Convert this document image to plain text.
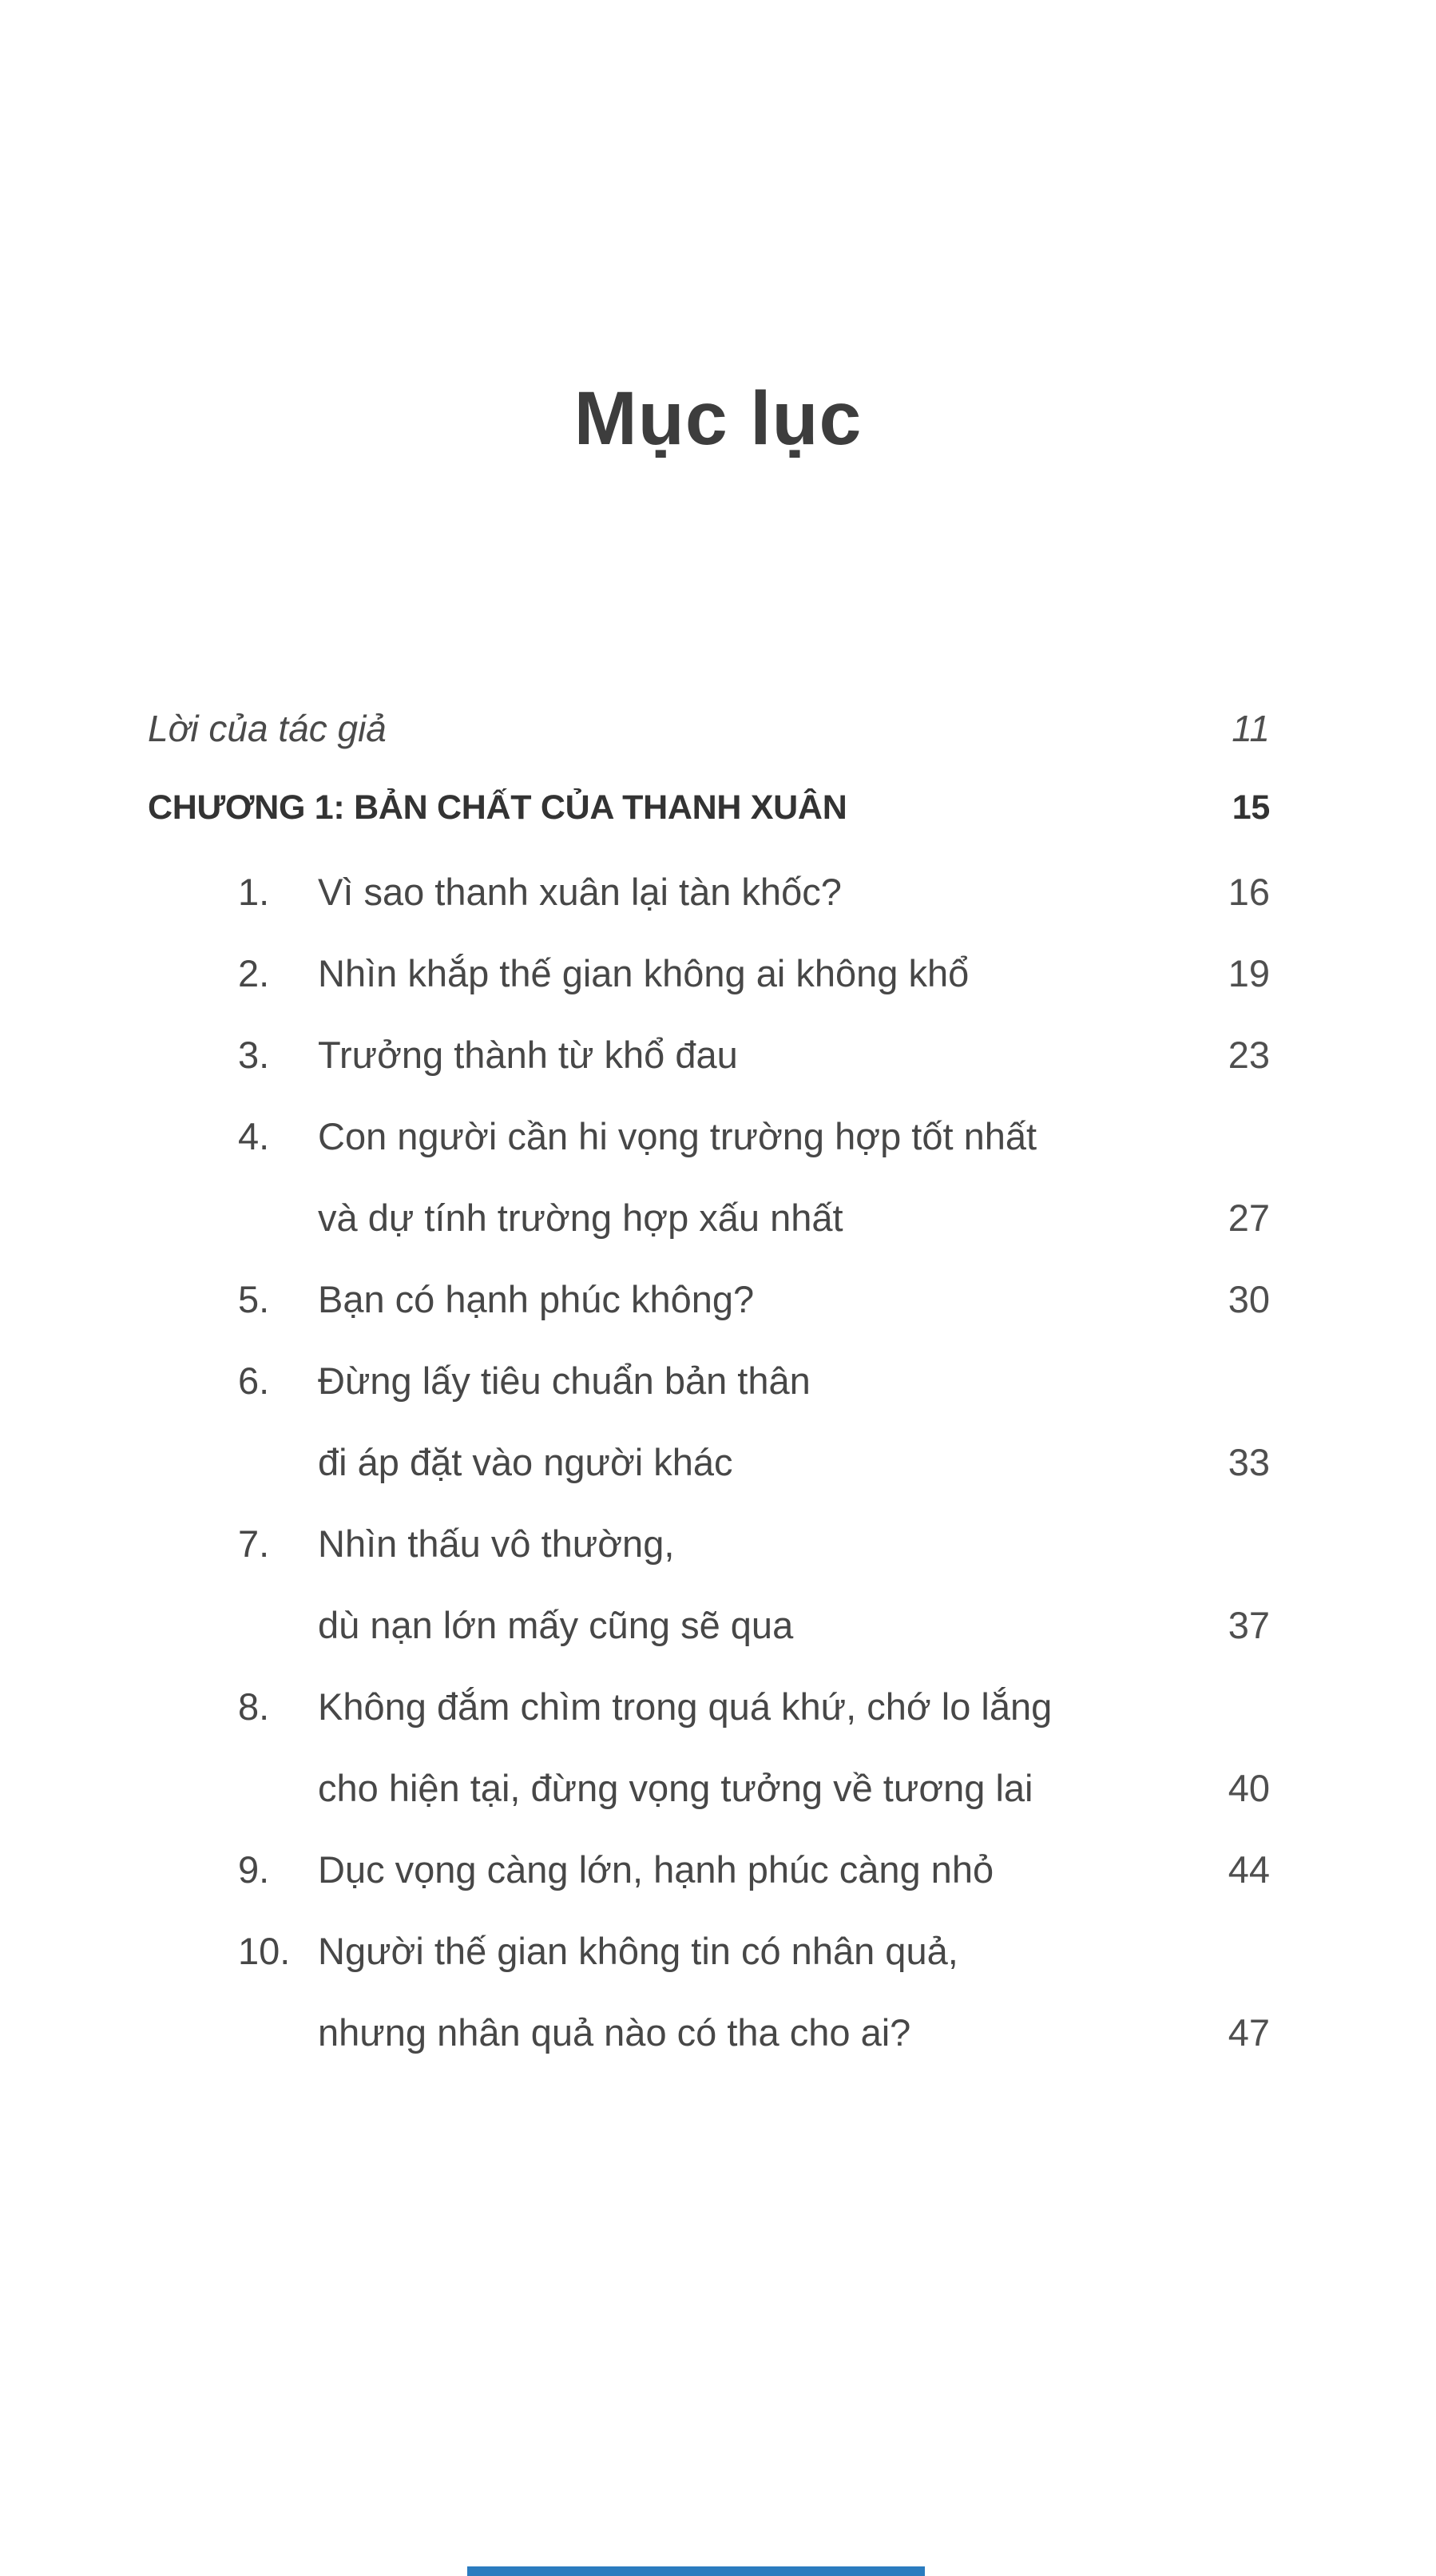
Mục lục
Lời của tác giả	11
CHƯƠNG 1: BẢN CHẤT CỦA THANH XUÂN	15
1.	Vì sao thanh xuân lại tàn khốc?	16
2.	Nhìn khắp thế gian không ai không khổ	19
3.	Trưởng thành từ khổ đau	23
4.	Con người cần hi vọng trường hợp tốt nhất
và dự tính trường hợp xấu nhất	27
5.	Bạn có hạnh phúc không?	30
6.	Đừng lấy tiêu chuẩn bản thân
đi áp đặt vào người khác	33
7.	Nhìn thấu vô thường,
dù nạn lớn mấy cũng sẽ qua	37
8.	Không đắm chìm trong quá khứ, chớ lo lắng
cho hiện tại, đừng vọng tưởng về tương lai	40
9.	Dục vọng càng lớn, hạnh phúc càng nhỏ	44
10. Người thế gian không tin có nhân quả,
nhưng nhân quả nào có tha cho ai?	47
